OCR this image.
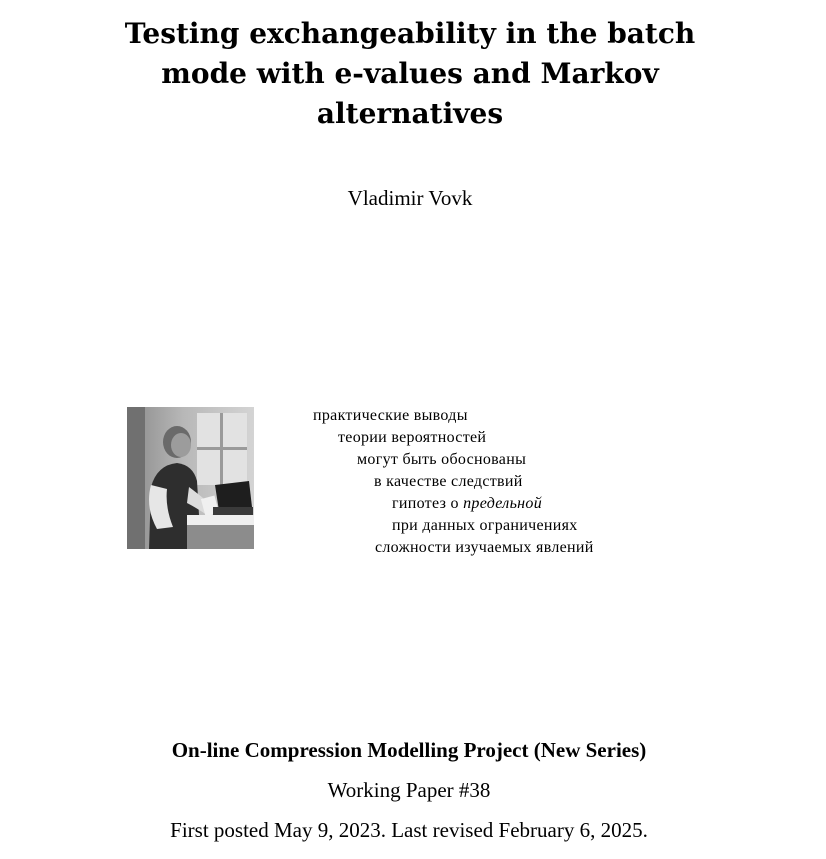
Testing exchangeability in the batch
mode with e-values and Markov
alternatives
Vladimir Vovk
практические выводы
теории вероятностей
могут быть обоснованы
в качестве следствий
гипотез о предельной
при данных ограничениях
сложности изучаемых явлений
On-line Compression Modelling Project (New Series)
Working Paper #38
First posted May 9, 2023. Last revised February 6, 2025.
